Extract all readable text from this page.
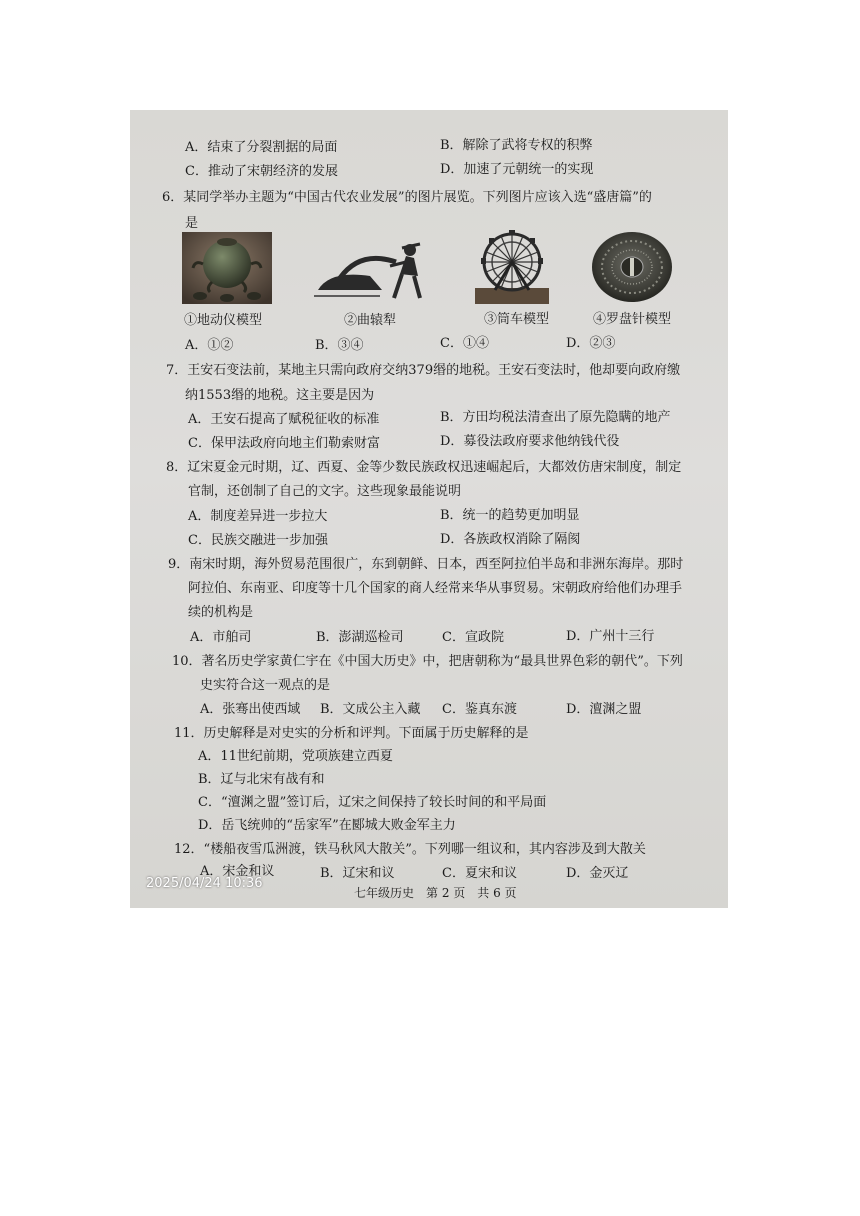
A．结束了分裂割据的局面	B．解除了武将专权的积弊
C．推动了宋朝经济的发展	D．加速了元朝统一的实现
6．某同学举办主题为“中国古代农业发展”的图片展览。下列图片应该入选“盛唐篇”的
是
①地动仪模型	②曲辕犁	③筒车模型	④罗盘针模型
A．①②	B．③④	C．①④	D．②③
7．王安石变法前，某地主只需向政府交纳379缗的地税。王安石变法时，他却要向政府缴
纳1553缗的地税。这主要是因为
A．王安石提高了赋税征收的标准	B．方田均税法清查出了原先隐瞒的地产
C．保甲法政府向地主们勒索财富	D．募役法政府要求他纳钱代役
8．辽宋夏金元时期，辽、西夏、金等少数民族政权迅速崛起后，大都效仿唐宋制度，制定
官制，还创制了自己的文字。这些现象最能说明
A．制度差异进一步拉大	B．统一的趋势更加明显
C．民族交融进一步加强	D．各族政权消除了隔阂
9．南宋时期，海外贸易范围很广，东到朝鲜、日本，西至阿拉伯半岛和非洲东海岸。那时
阿拉伯、东南亚、印度等十几个国家的商人经常来华从事贸易。宋朝政府给他们办理手
续的机构是
A．市舶司	B．澎湖巡检司	C．宣政院	D．广州十三行
10．著名历史学家黄仁宇在《中国大历史》中，把唐朝称为“最具世界色彩的朝代”。下列
史实符合这一观点的是
A．张骞出使西域 B．文成公主入藏 C．鉴真东渡	D．澶渊之盟
11．历史解释是对史实的分析和评判。下面属于历史解释的是
A．11世纪前期，党项族建立西夏
B．辽与北宋有战有和
C．“澶渊之盟”签订后，辽宋之间保持了较长时间的和平局面
D．岳飞统帅的“岳家军”在郾城大败金军主力
12．“楼船夜雪瓜洲渡，铁马秋风大散关”。下列哪一组议和，其内容涉及到大散关
A．宋金和议	B．辽宋和议	C．夏宋和议	D．金灭辽
七年级历史　第 2 页　共 6 页
2025/04/24 10:36
